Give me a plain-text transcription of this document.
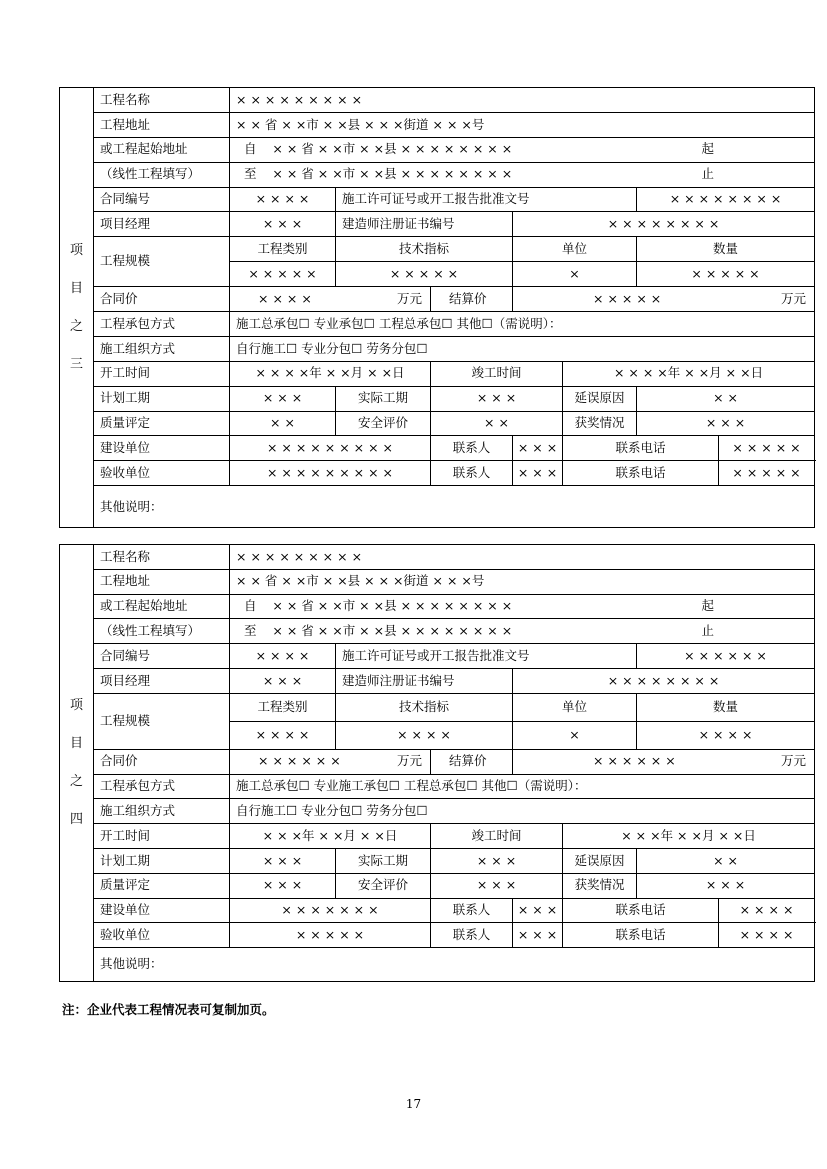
项
目
之
三	工程名称	× × × × × × × × ×						
	工程地址	× × 省 × ×市 × ×县 × × ×街道 × × ×号						
	或工程起始地址	自 × × 省 × ×市 × ×县 × × × × × × × × 起						

	（线性工程填写）	至 × × 省 × ×市 × ×县 × × × × × × × × 止						

	合同编号	× × × ×	施工许可证号或开工报告批准文号				× × × × × × × ×	
	项目经理	× × ×	建造师注册证书编号		× × × × × × × ×			
	工程规模	工程类别	技术指标		单位		数量	
		× × × × ×	× × × × ×		×		× × × × ×	
	合同价	× × × × 万元		结算价	× × × × × 万元			

	工程承包方式	施工总承包☐ 专业承包☐ 工程总承包☐ 其他☐（需说明）：						
	施工组织方式	自行施工☐ 专业分包☐ 劳务分包☐						
	开工时间	× × × ×年 × ×月 × ×日		竣工时间		× × × ×年 × ×月 × ×日		
	计划工期	× × ×	实际工期	× × ×		延误原因	× ×	
	质量评定	× ×	安全评价	× ×		获奖情况	× × ×	
	建设单位	× × × × × × × × ×		联系人	× × ×	联系电话		× × × × ×
	验收单位	× × × × × × × × ×		联系人	× × ×	联系电话		× × × × ×
	其他说明：							
项
目
之
四	工程名称	× × × × × × × × ×						
	工程地址	× × 省 × ×市 × ×县 × × ×街道 × × ×号						
	或工程起始地址	自 × × 省 × ×市 × ×县 × × × × × × × × 起						

	（线性工程填写）	至 × × 省 × ×市 × ×县 × × × × × × × × 止						

	合同编号	× × × ×	施工许可证号或开工报告批准文号				× × × × × ×	
	项目经理	× × ×	建造师注册证书编号		× × × × × × × ×			
	工程规模	工程类别	技术指标		单位		数量	
		× × × ×	× × × ×		×		× × × ×	
	合同价	× × × × × × 万元		结算价	× × × × × × 万元			

	工程承包方式	施工总承包☐ 专业施工承包☐ 工程总承包☐ 其他☐（需说明）：						
	施工组织方式	自行施工☐ 专业分包☐ 劳务分包☐						
	开工时间	× × ×年 × ×月 × ×日		竣工时间		× × ×年 × ×月 × ×日		
	计划工期	× × ×	实际工期	× × ×		延误原因	× ×	
	质量评定	× × ×	安全评价	× × ×		获奖情况	× × ×	
	建设单位	× × × × × × ×		联系人	× × ×	联系电话		× × × ×
	验收单位	× × × × ×		联系人	× × ×	联系电话		× × × ×
	其他说明：							
注：企业代表工程情况表可复制加页。
17
